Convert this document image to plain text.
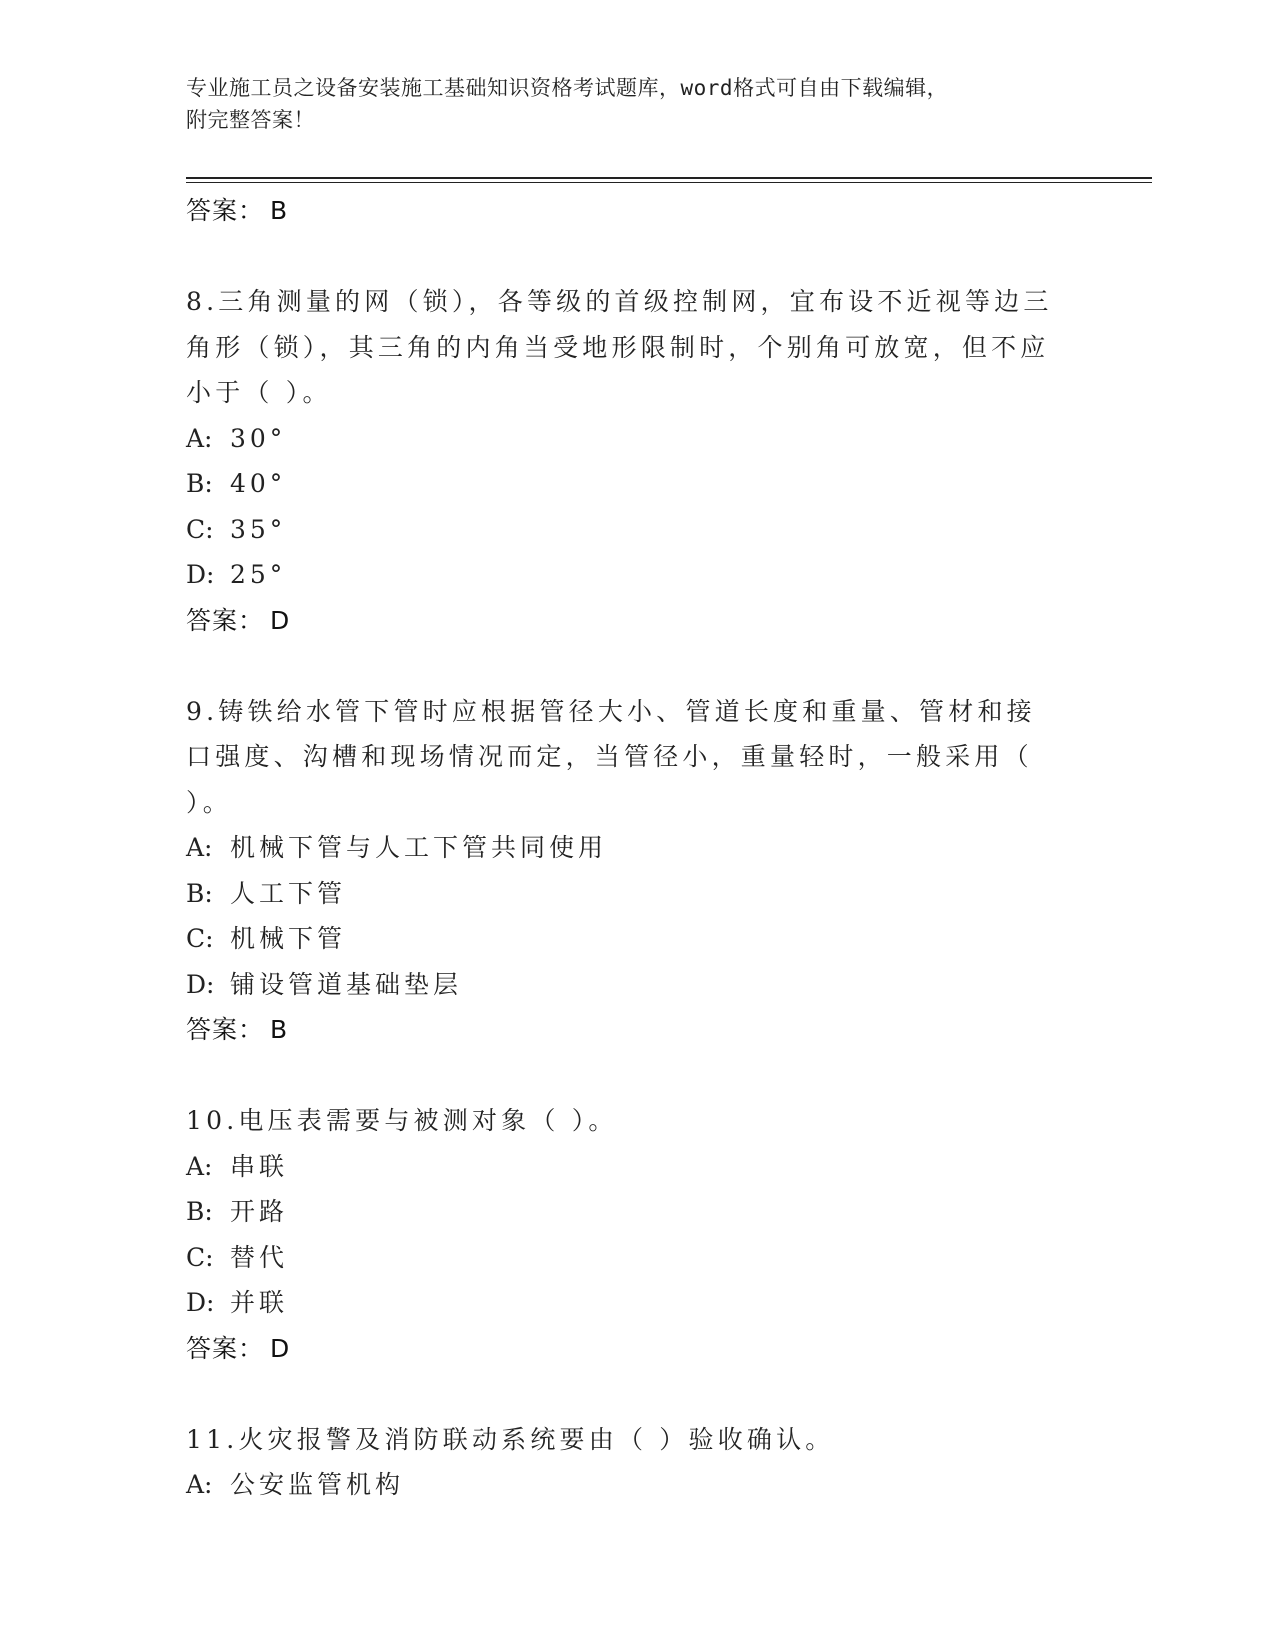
专业施工员之设备安装施工基础知识资格考试题库，word格式可自由下载编辑，
附完整答案！
答案： B
8.三角测量的网（锁），各等级的首级控制网，宜布设不近视等边三角形（锁），其三角的内角当受地形限制时，个别角可放宽，但不应小于（ ）。
A: 30°
B: 40°
C: 35°
D: 25°
答案： D
9.铸铁给水管下管时应根据管径大小、管道长度和重量、管材和接口强度、沟槽和现场情况而定，当管径小，重量轻时，一般采用（ ）。
A: 机械下管与人工下管共同使用
B: 人工下管
C: 机械下管
D: 铺设管道基础垫层
答案： B
10.电压表需要与被测对象（ ）。
A: 串联
B: 开路
C: 替代
D: 并联
答案： D
11.火灾报警及消防联动系统要由（ ）验收确认。
A: 公安监管机构
